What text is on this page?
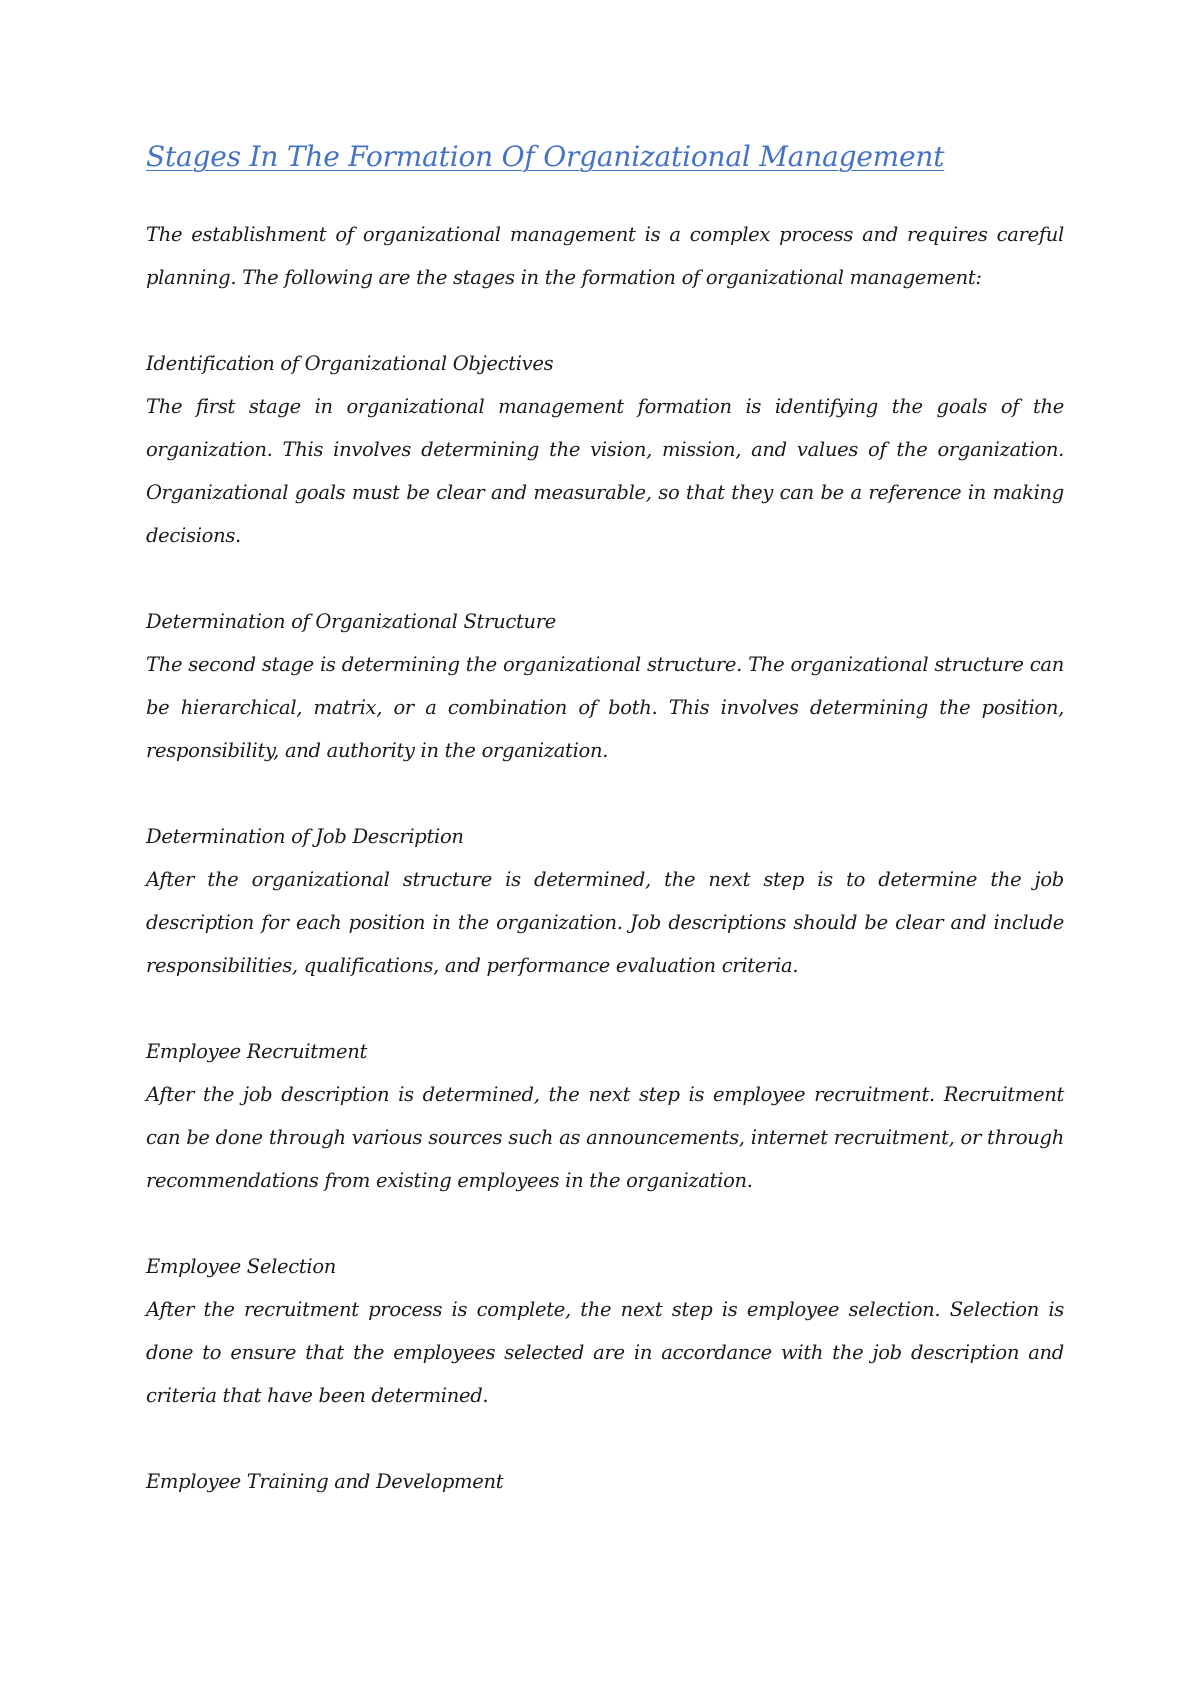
Stages In The Formation Of Organizational Management

The establishment of organizational management is a complex process and requires careful planning. The following are the stages in the formation of organizational management:

Identification of Organizational Objectives

The first stage in organizational management formation is identifying the goals of the organization. This involves determining the vision, mission, and values of the organization. Organizational goals must be clear and measurable, so that they can be a reference in making decisions.

Determination of Organizational Structure

The second stage is determining the organizational structure. The organizational structure can be hierarchical, matrix, or a combination of both. This involves determining the position, responsibility, and authority in the organization.

Determination of Job Description

After the organizational structure is determined, the next step is to determine the job description for each position in the organization. Job descriptions should be clear and include responsibilities, qualifications, and performance evaluation criteria.

Employee Recruitment

After the job description is determined, the next step is employee recruitment. Recruitment can be done through various sources such as announcements, internet recruitment, or through recommendations from existing employees in the organization.

Employee Selection

After the recruitment process is complete, the next step is employee selection. Selection is done to ensure that the employees selected are in accordance with the job description and criteria that have been determined.

Employee Training and Development
